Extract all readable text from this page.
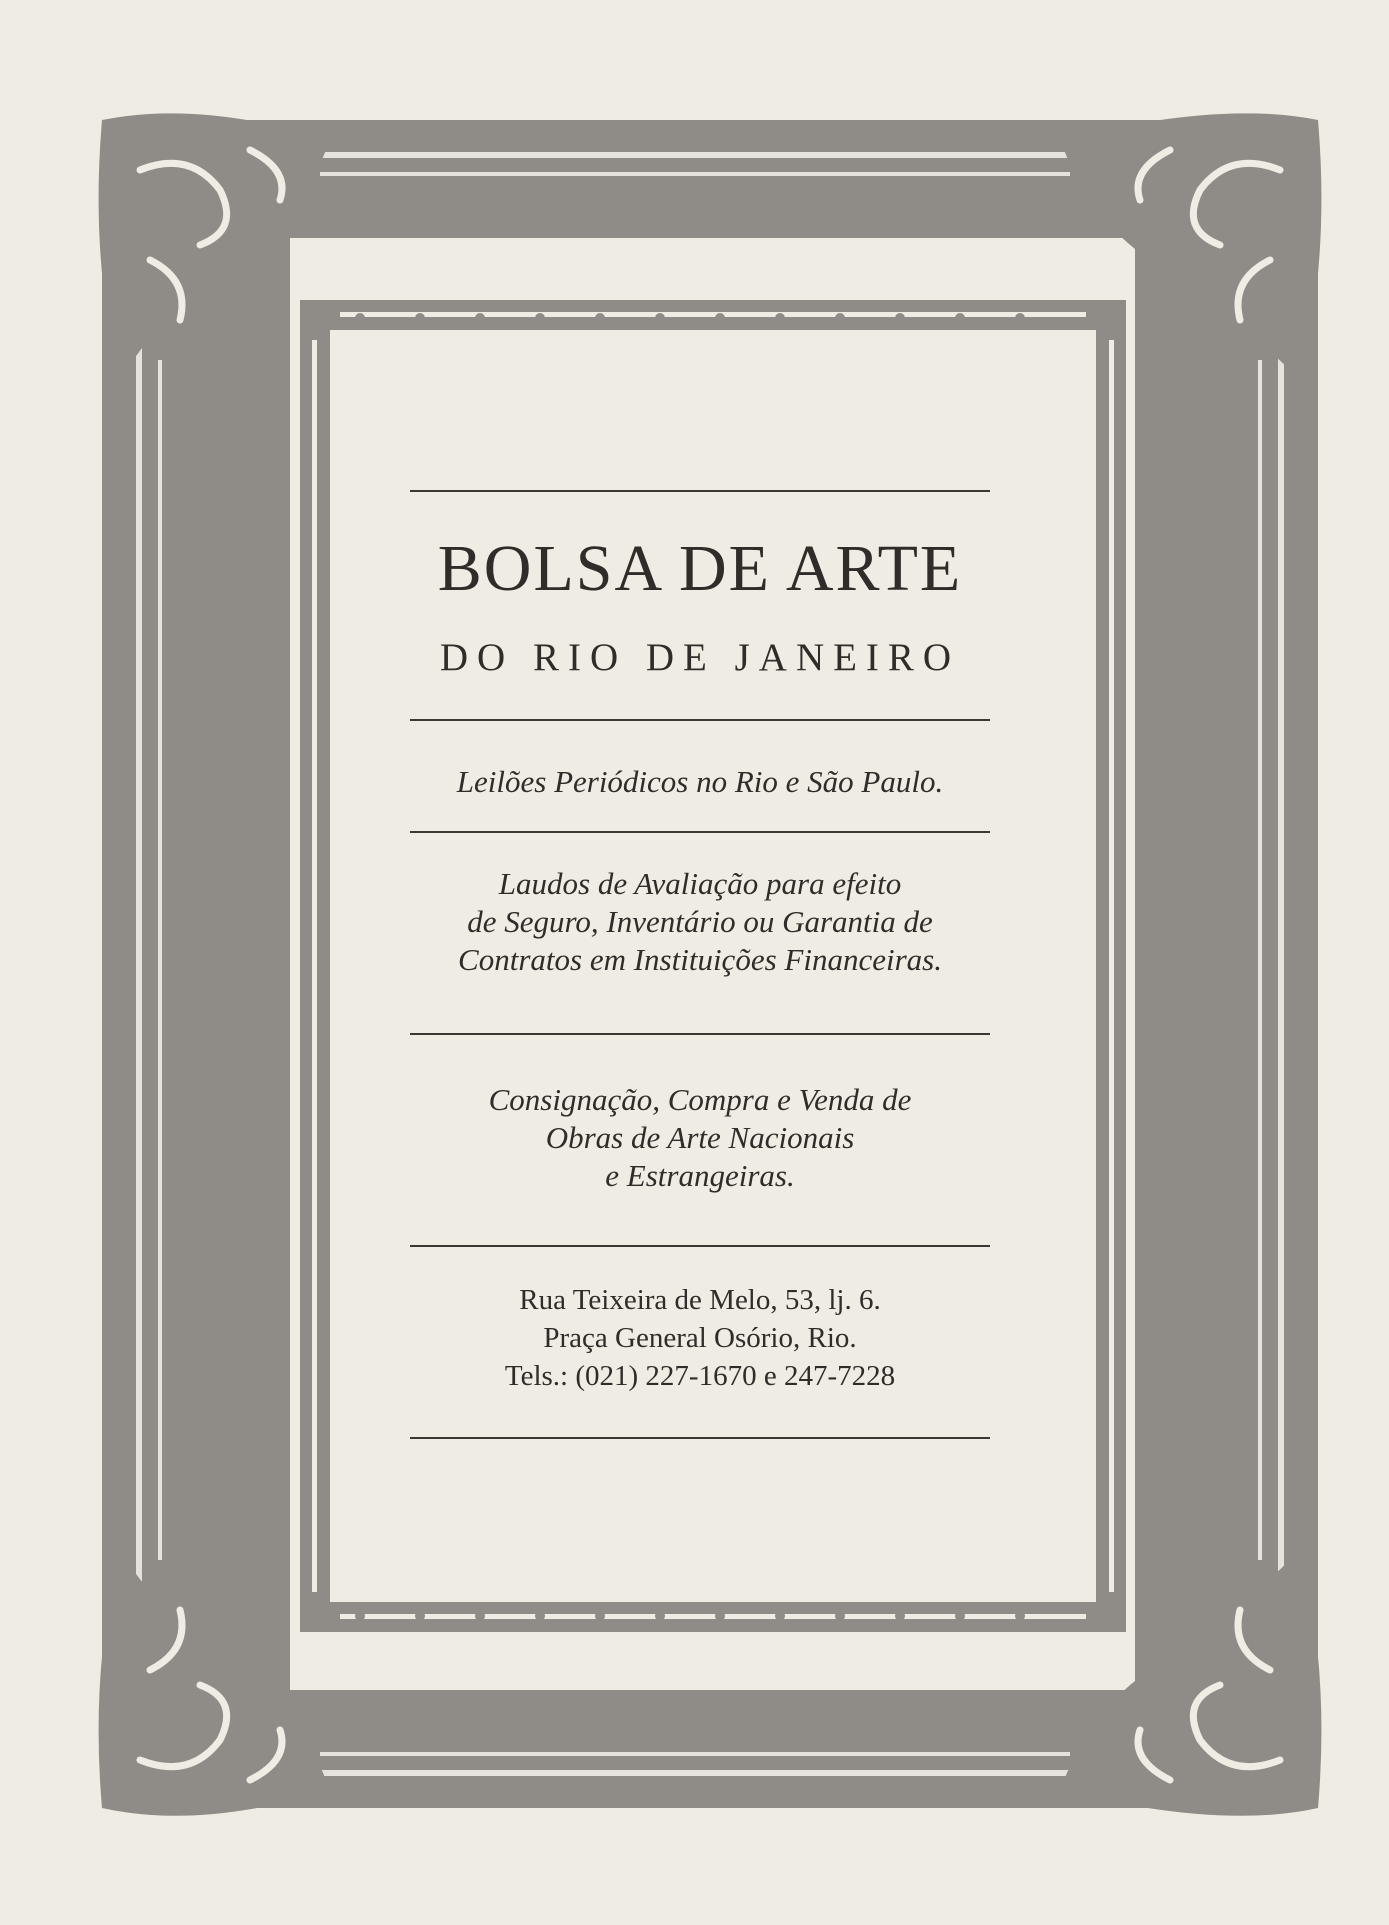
BOLSA DE ARTE
DO RIO DE JANEIRO
Leilões Periódicos no Rio e São Paulo.
Laudos de Avaliação para efeito
de Seguro, Inventário ou Garantia de
Contratos em Instituições Financeiras.
Consignação, Compra e Venda de
Obras de Arte Nacionais
e Estrangeiras.
Rua Teixeira de Melo, 53, lj. 6.
Praça General Osório, Rio.
Tels.: (021) 227-1670 e 247-7228
